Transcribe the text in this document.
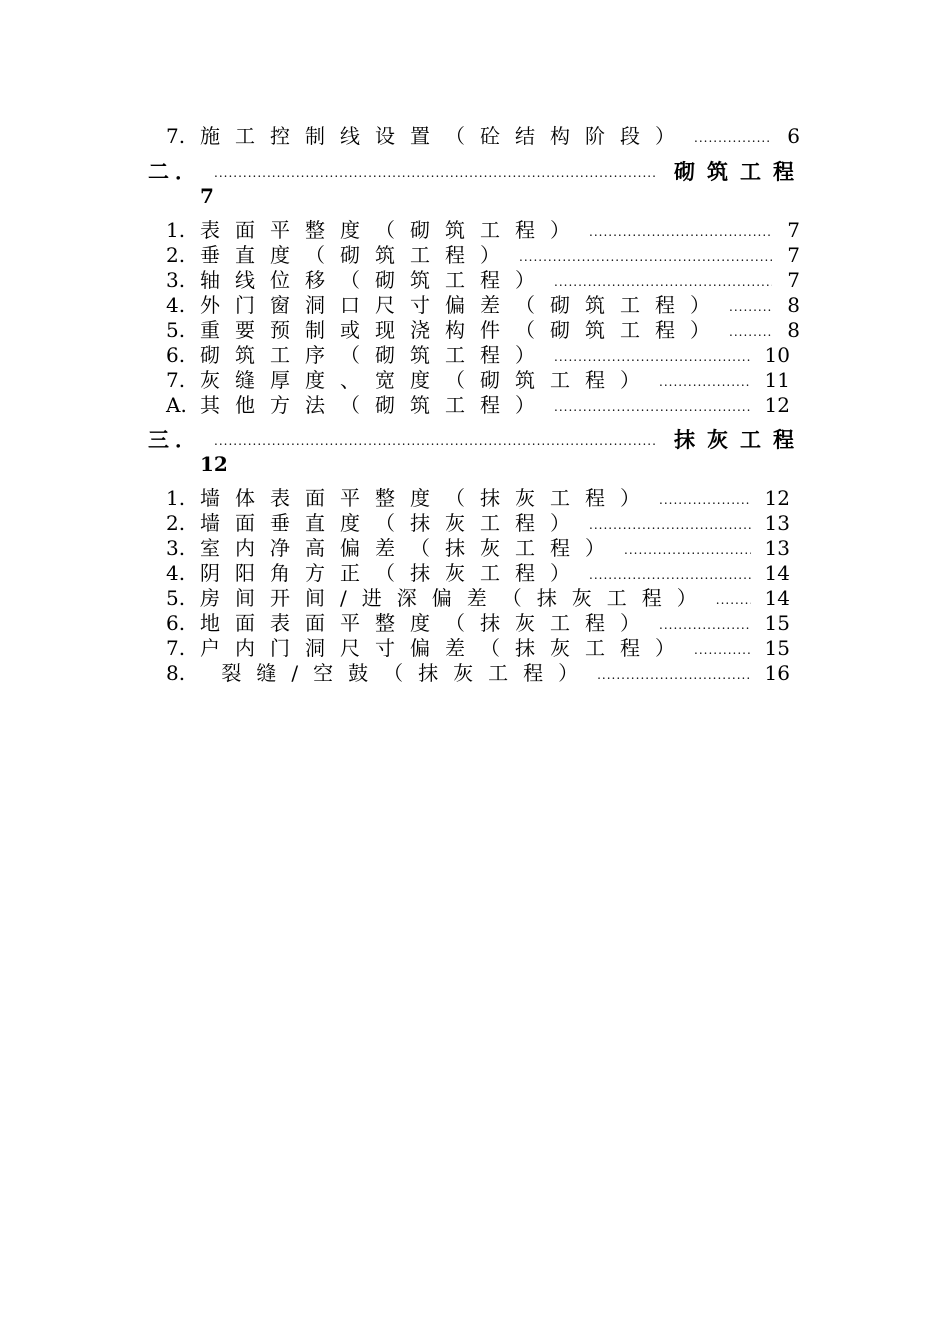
7. 施工控制线设置（砼结构阶段） .....	6
二． .....	砌筑工程
7
1. 表面平整度（砌筑工程） .....	7
2. 垂直度（砌筑工程） .....	7
3. 轴线位移（砌筑工程） .....	7
4. 外门窗洞口尺寸偏差（砌筑工程） .....	8
5. 重要预制或现浇构件（砌筑工程） .....	8
6. 砌筑工序（砌筑工程） .....	10
7. 灰缝厚度、宽度（砌筑工程） .....	11
A. 其他方法（砌筑工程） .....	12
三． .....	抹灰工程
12
1. 墙体表面平整度（抹灰工程） .....	12
2. 墙面垂直度（抹灰工程） .....	13
3. 室内净高偏差（抹灰工程） .....	13
4. 阴阳角方正（抹灰工程） .....	14
5. 房间开间/进深偏差（抹灰工程） .....	14
6. 地面表面平整度（抹灰工程） .....	15
7. 户内门洞尺寸偏差（抹灰工程） .....	15
8. 裂缝/空鼓（抹灰工程） .....	16
